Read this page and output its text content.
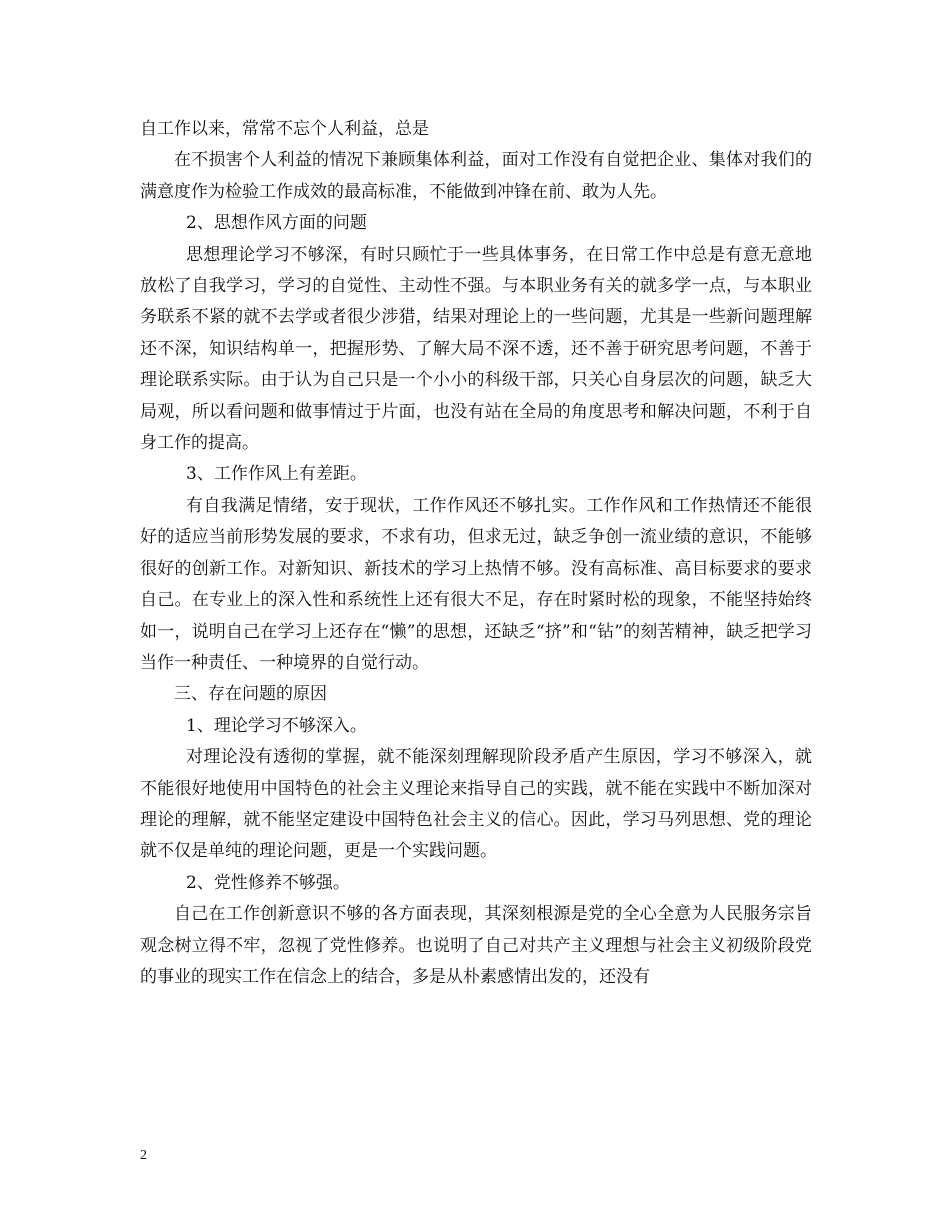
自工作以来，常常不忘个人利益，总是

在不损害个人利益的情况下兼顾集体利益，面对工作没有自觉把企业、集体对我们的满意度作为检验工作成效的最高标准，不能做到冲锋在前、敢为人先。

2、思想作风方面的问题

思想理论学习不够深，有时只顾忙于一些具体事务，在日常工作中总是有意无意地放松了自我学习，学习的自觉性、主动性不强。与本职业务有关的就多学一点，与本职业务联系不紧的就不去学或者很少涉猎，结果对理论上的一些问题，尤其是一些新问题理解还不深，知识结构单一，把握形势、了解大局不深不透，还不善于研究思考问题，不善于理论联系实际。由于认为自己只是一个小小的科级干部，只关心自身层次的问题，缺乏大局观，所以看问题和做事情过于片面，也没有站在全局的角度思考和解决问题，不利于自身工作的提高。

3、工作作风上有差距。

有自我满足情绪，安于现状，工作作风还不够扎实。工作作风和工作热情还不能很好的适应当前形势发展的要求，不求有功，但求无过，缺乏争创一流业绩的意识，不能够很好的创新工作。对新知识、新技术的学习上热情不够。没有高标准、高目标要求的要求自己。在专业上的深入性和系统性上还有很大不足，存在时紧时松的现象，不能坚持始终如一，说明自己在学习上还存在“懒”的思想，还缺乏“挤”和“钻”的刻苦精神，缺乏把学习当作一种责任、一种境界的自觉行动。

三、存在问题的原因

1、理论学习不够深入。

对理论没有透彻的掌握，就不能深刻理解现阶段矛盾产生原因，学习不够深入，就不能很好地使用中国特色的社会主义理论来指导自己的实践，就不能在实践中不断加深对理论的理解，就不能坚定建设中国特色社会主义的信心。因此，学习马列思想、党的理论就不仅是单纯的理论问题，更是一个实践问题。

2、党性修养不够强。

自己在工作创新意识不够的各方面表现，其深刻根源是党的全心全意为人民服务宗旨观念树立得不牢，忽视了党性修养。也说明了自己对共产主义理想与社会主义初级阶段党的事业的现实工作在信念上的结合，多是从朴素感情出发的，还没有

2
